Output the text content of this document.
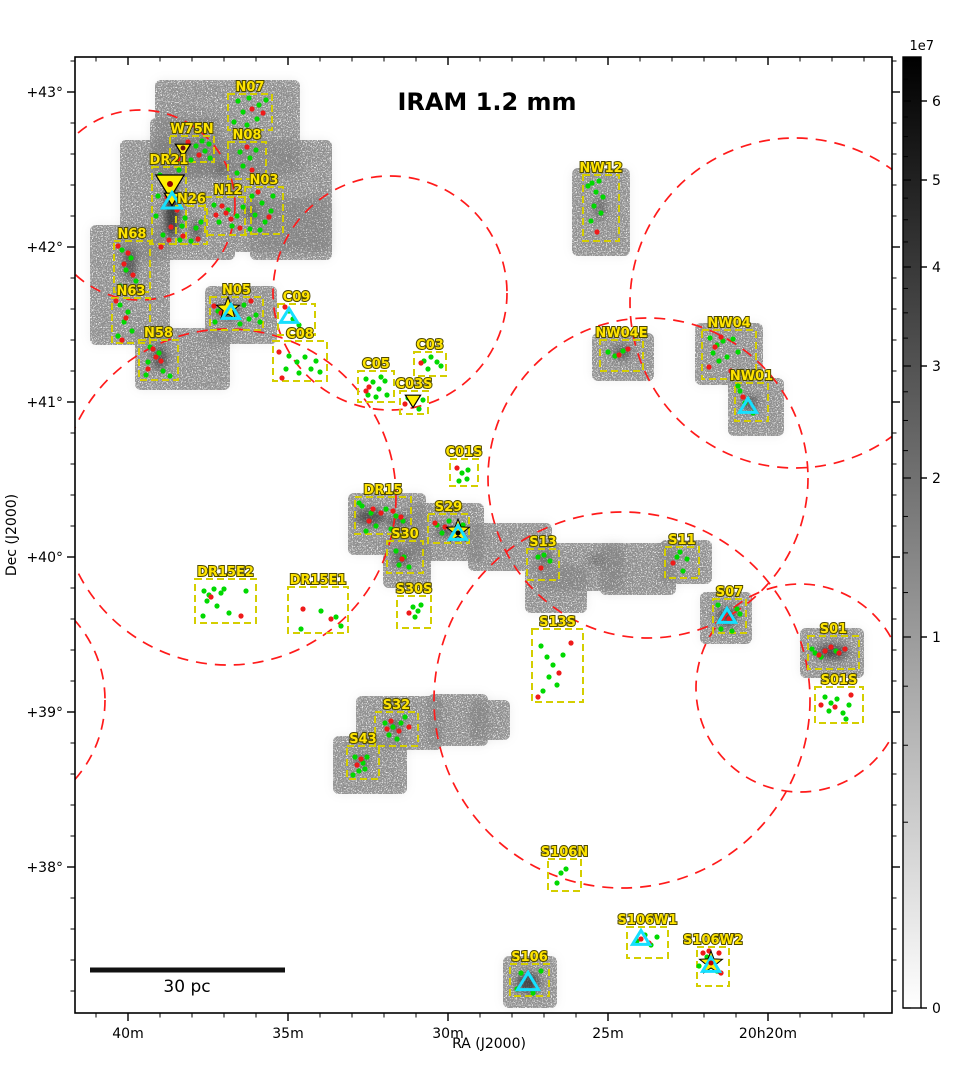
N07
W75N N08
DR21
N26
N12
N03
N68
N63
N58
N05 C09
C08
C05
C03
C03S
C01S
NW12
NW04E
NW04
NW01
DR15
S29
S30
S30S
DR15E2
DR15E1
S13	S11
S13S
S07
S01
S01S
S32
S43
S106N
S106W1
S106W2
S106
40m	35m	30m	25m	20h20m
+43°
+42°
+41°
+40°
+39°
+38°
6
5
4
3
2
1
0
IRAM 1.2 mm
RA (J2000)
Dec (J2000)
1e7
30 pc
